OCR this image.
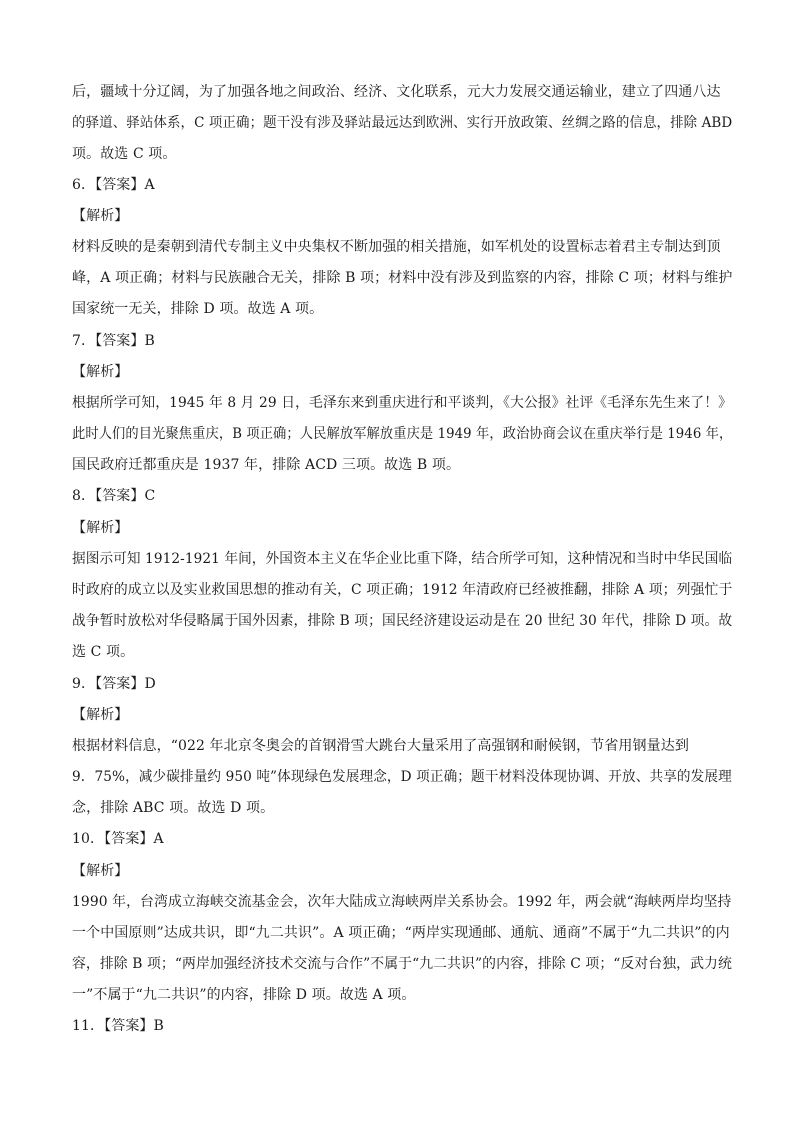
后，疆域十分辽阔，为了加强各地之间政治、经济、文化联系，元大力发展交通运输业，建立了四通八达
的驿道、驿站体系，C 项正确；题干没有涉及驿站最远达到欧洲、实行开放政策、丝绸之路的信息，排除 ABD
项。故选 C 项。
6．【答案】A
【解析】
材料反映的是秦朝到清代专制主义中央集权不断加强的相关措施，如军机处的设置标志着君主专制达到顶
峰，A 项正确；材料与民族融合无关，排除 B 项；材料中没有涉及到监察的内容，排除 C 项；材料与维护
国家统一无关，排除 D 项。故选 A 项。
7．【答案】B
【解析】
根据所学可知，1945 年 8 月 29 日，毛泽东来到重庆进行和平谈判，《大公报》社评《毛泽东先生来了！》
此时人们的目光聚焦重庆，B 项正确；人民解放军解放重庆是 1949 年，政治协商会议在重庆举行是 1946 年，
国民政府迁都重庆是 1937 年，排除 ACD 三项。故选 B 项。
8．【答案】C
【解析】
据图示可知 1912-1921 年间，外国资本主义在华企业比重下降，结合所学可知，这种情况和当时中华民国临
时政府的成立以及实业救国思想的推动有关，C 项正确；1912 年清政府已经被推翻，排除 A 项；列强忙于
战争暂时放松对华侵略属于国外因素，排除 B 项；国民经济建设运动是在 20 世纪 30 年代，排除 D 项。故
选 C 项。
9．【答案】D
【解析】
根据材料信息，“022 年北京冬奥会的首钢滑雪大跳台大量采用了高强钢和耐候钢，节省用钢量达到
9．75%，减少碳排量约 950 吨”体现绿色发展理念，D 项正确；题干材料没体现协调、开放、共享的发展理
念，排除 ABC 项。故选 D 项。
10．【答案】A
【解析】
1990 年，台湾成立海峡交流基金会，次年大陆成立海峡两岸关系协会。1992 年，两会就“海峡两岸均坚持
一个中国原则”达成共识，即“九二共识”。A 项正确；“两岸实现通邮、通航、通商”不属于“九二共识”的内
容，排除 B 项；“两岸加强经济技术交流与合作”不属于“九二共识”的内容，排除 C 项；“反对台独，武力统
一”不属于“九二共识”的内容，排除 D 项。故选 A 项。
11．【答案】B
